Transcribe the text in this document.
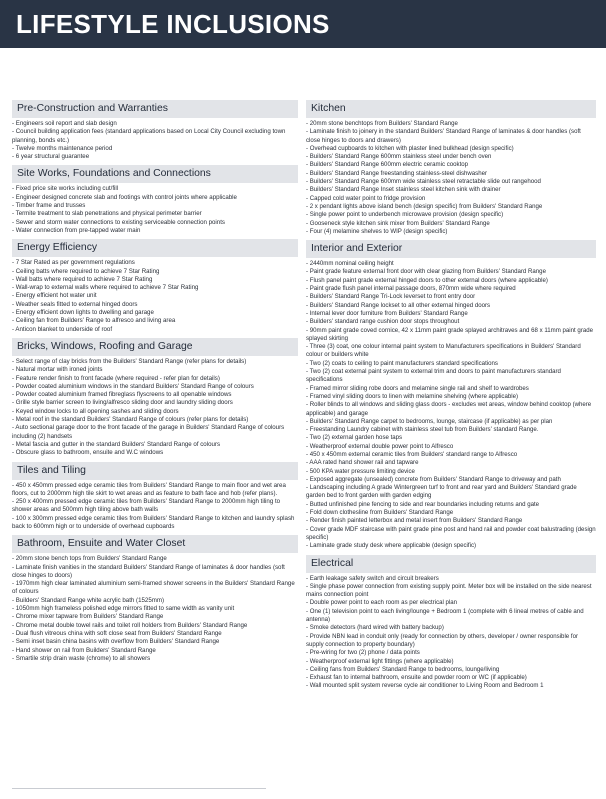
LIFESTYLE INCLUSIONS
Pre-Construction and Warranties
- Engineers soil report and slab design
- Council building application fees (standard applications based on Local City Council excluding town planning, bonds etc.)
- Twelve months maintenance period
- 6 year structural guarantee
Site Works, Foundations and Connections
- Fixed price site works including cut/fill
- Engineer designed concrete slab and footings with control joints where applicable
- Timber frame and trusses
- Termite treatment to slab penetrations and physical perimeter barrier
- Sewer and storm water connections to existing serviceable connection points
- Water connection from pre-tapped water main
Energy Efficiency
- 7 Star Rated as per government regulations
- Ceiling batts where required to achieve 7 Star Rating
- Wall batts where required to achieve 7 Star Rating
- Wall-wrap to external walls where required to achieve 7 Star Rating
- Energy efficient hot water unit
- Weather seals fitted to external hinged doors
- Energy efficient down lights to dwelling and garage
- Ceiling fan from Builders' Range to alfresco and living area
- Anticon blanket to underside of roof
Bricks, Windows, Roofing and Garage
- Select range of clay bricks from the Builders' Standard Range (refer plans for details)
- Natural mortar with ironed joints
- Feature render finish to front facade (where required - refer plan for details)
- Powder coated aluminium windows in the standard Builders' Standard Range of colours
- Powder coated aluminium framed fibreglass flyscreens to all openable windows
- Grille style barrier screen to living/alfresco sliding door and laundry sliding doors
- Keyed window locks to all opening sashes and sliding doors
- Metal roof in the standard Builders' Standard Range of colours (refer plans for details)
- Auto sectional garage door to the front facade of the garage in Builders' Standard Range of colours including (2) handsets
- Metal fascia and gutter in the standard Builders' Standard Range of colours
- Obscure glass to bathroom, ensuite and W.C windows
Tiles and Tiling
- 450 x 450mm pressed edge ceramic tiles from Builders' Standard Range to main floor and wet area floors, cut to 2000mm high tile skirt to wet areas and as feature to bath face and hob (refer plans).
- 250 x 400mm pressed edge ceramic tiles from Builders' Standard Range to 2000mm high tiling to shower areas and 500mm high tiling above bath walls
- 100 x 300mm pressed edge ceramic tiles from Builders' Standard Range to kitchen and laundry splash back to 600mm high or to underside of overhead cupboards
Bathroom, Ensuite and Water Closet
- 20mm stone bench tops from Builders' Standard Range
- Laminate finish vanities in the standard Builders' Standard Range of laminates & door handles (soft close hinges to doors)
- 1970mm high clear laminated aluminium semi-framed shower screens in the Builders' Standard Range of colours
- Builders' Standard Range white acrylic bath (1525mm)
- 1050mm high frameless polished edge mirrors fitted to same width as vanity unit
- Chrome mixer tapware from Builders' Standard Range
- Chrome metal double towel rails and toilet roll holders from Builders' Standard Range
- Dual flush vitreous china with soft close seat from Builders' Standard Range
- Semi inset basin china basins with overflow from Builders' Standard Range
- Hand shower on rail from Builders' Standard Range
- Smartile strip drain waste (chrome) to all showers
Kitchen
- 20mm stone benchtops from Builders' Standard Range
- Laminate finish to joinery in the standard Builders' Standard Range of laminates & door handles (soft close hinges to doors and drawers)
- Overhead cupboards to kitchen with plaster lined bulkhead (design specific)
- Builders' Standard Range 600mm stainless steel under bench oven
- Builders' Standard Range 600mm electric ceramic cooktop
- Builders' Standard Range freestanding stainless-steel dishwasher
- Builders' Standard Range 600mm wide stainless steel retractable slide out rangehood
- Builders' Standard Range Inset stainless steel kitchen sink with drainer
- Capped cold water point to fridge provision
- 2 x pendant lights above island bench (design specific) from Builders' Standard Range
- Single power point to underbench microwave provision (design specific)
- Gooseneck style kitchen sink mixer from Builders' Standard Range
- Four (4) melamine shelves to WIP (design specific)
Interior and Exterior
- 2440mm nominal ceiling height
- Paint grade feature external front door with clear glazing from Builders' Standard Range
- Flush panel paint grade external hinged doors to other external doors (where applicable)
- Paint grade flush panel internal passage doors, 870mm wide where required
- Builders' Standard Range Tri-Lock leverset to front entry door
- Builders' Standard Range lockset to all other external hinged doors
- Internal lever door furniture from Builders' Standard Range
- Builders' standard range cushion door stops throughout
- 90mm paint grade coved cornice, 42 x 11mm paint grade splayed architraves and 68 x 11mm paint grade splayed skirting
- Three (3) coat, one colour internal paint system to Manufacturers specifications in Builders' Standard colour or builders white
- Two (2) coats to ceiling to paint manufacturers standard specifications
- Two (2) coat external paint system to external trim and doors to paint manufacturers standard specifications
- Framed mirror sliding robe doors and melamine single rail and shelf to wardrobes
- Framed vinyl sliding doors to linen with melamine shelving (where applicable)
- Roller blinds to all windows and sliding glass doors - excludes wet areas, window behind cooktop (where applicable) and garage
- Builders' Standard Range carpet to bedrooms, lounge, staircase (if applicable) as per plan
- Freestanding Laundry cabinet with stainless steel tub from Builders' standard Range.
- Two (2) external garden hose taps
- Weatherproof external double power point to Alfresco
- 450 x 450mm external ceramic tiles from Builders' standard range to Alfresco
- AAA rated hand shower rail and tapware
- 500 KPA water pressure limiting device
- Exposed aggregate (unsealed) concrete from Builders' Standard Range to driveway and path
- Landscaping including A grade Wintergreen turf to front and rear yard and Builders' Standard grade garden bed to front garden with garden edging
- Butted unfinished pine fencing to side and rear boundaries including returns and gate
- Fold down clothesline from Builders' Standard Range
- Render finish painted letterbox and metal insert from Builders' Standard Range
- Cover grade MDF staircase with paint grade pine post and hand rail and powder coat balustrading (design specific)
- Laminate grade study desk where applicable (design specific)
Electrical
- Earth leakage safety switch and circuit breakers
- Single phase power connection from existing supply point. Meter box will be installed on the side nearest mains connection point
- Double power point to each room as per electrical plan
- One (1) television point to each living/lounge + Bedroom 1 (complete with 6 lineal metres of cable and antenna)
- Smoke detectors (hard wired with battery backup)
- Provide NBN lead in conduit only (ready for connection by others, developer / owner responsible for supply connection to property boundary)
- Pre-wiring for two (2) phone / data points
- Weatherproof external light fittings (where applicable)
- Ceiling fans from Builders' Standard Range to bedrooms, lounge/living
- Exhaust fan to internal bathroom, ensuite and powder room or WC (if applicable)
- Wall mounted split system reverse cycle air conditioner to Living Room and Bedroom 1
